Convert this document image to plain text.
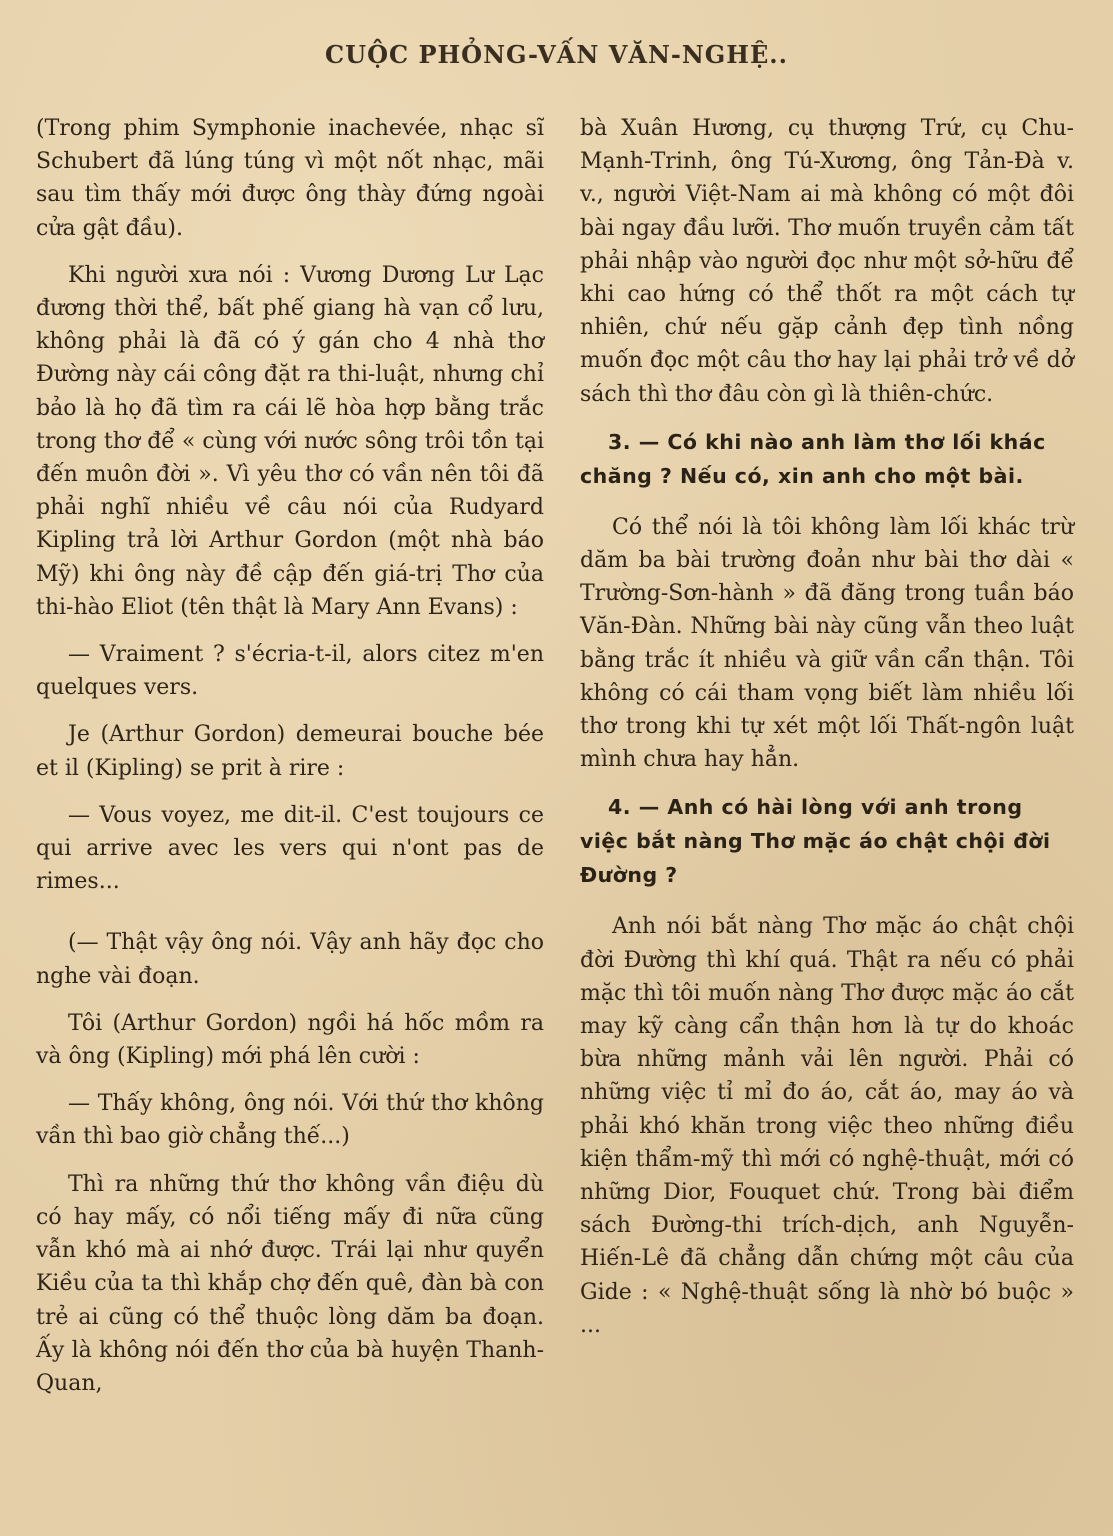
CUỘC PHỎNG-VẤN VĂN-NGHỆ..

(Trong phim Symphonie inachevée, nhạc sĩ Schubert đã lúng túng vì một nốt nhạc, mãi sau tìm thấy mới được ông thày đứng ngoài cửa gật đầu).

Khi người xưa nói : Vương Dương Lư Lạc đương thời thể, bất phế giang hà vạn cổ lưu, không phải là đã có ý gán cho 4 nhà thơ Đường này cái công đặt ra thi-luật, nhưng chỉ bảo là họ đã tìm ra cái lẽ hòa hợp bằng trắc trong thơ để « cùng với nước sông trôi tồn tại đến muôn đời ». Vì yêu thơ có vần nên tôi đã phải nghĩ nhiều về câu nói của Rudyard Kipling trả lời Arthur Gordon (một nhà báo Mỹ) khi ông này đề cập đến giá-trị Thơ của thi-hào Eliot (tên thật là Mary Ann Evans) :

— Vraiment ? s'écria-t-il, alors citez m'en quelques vers.

Je (Arthur Gordon) demeurai bouche bée et il (Kipling) se prit à rire :

— Vous voyez, me dit-il. C'est toujours ce qui arrive avec les vers qui n'ont pas de rimes...

(— Thật vậy ông nói. Vậy anh hãy đọc cho nghe vài đoạn.

Tôi (Arthur Gordon) ngồi há hốc mồm ra và ông (Kipling) mới phá lên cười :

— Thấy không, ông nói. Với thứ thơ không vần thì bao giờ chẳng thế...)

Thì ra những thứ thơ không vần điệu dù có hay mấy, có nổi tiếng mấy đi nữa cũng vẫn khó mà ai nhớ được. Trái lại như quyển Kiều của ta thì khắp chợ đến quê, đàn bà con trẻ ai cũng có thể thuộc lòng dăm ba đoạn. Ấy là không nói đến thơ của bà huyện Thanh-Quan,

bà Xuân Hương, cụ thượng Trứ, cụ Chu-Mạnh-Trinh, ông Tú-Xương, ông Tản-Đà v. v., người Việt-Nam ai mà không có một đôi bài ngay đầu lưỡi. Thơ muốn truyền cảm tất phải nhập vào người đọc như một sở-hữu để khi cao hứng có thể thốt ra một cách tự nhiên, chứ nếu gặp cảnh đẹp tình nồng muốn đọc một câu thơ hay lại phải trở về dở sách thì thơ đâu còn gì là thiên-chức.

3. — Có khi nào anh làm thơ lối khác chăng ? Nếu có, xin anh cho một bài.

Có thể nói là tôi không làm lối khác trừ dăm ba bài trường đoản như bài thơ dài « Trường-Sơn-hành » đã đăng trong tuần báo Văn-Đàn. Những bài này cũng vẫn theo luật bằng trắc ít nhiều và giữ vần cẩn thận. Tôi không có cái tham vọng biết làm nhiều lối thơ trong khi tự xét một lối Thất-ngôn luật mình chưa hay hẳn.

4. — Anh có hài lòng với anh trong việc bắt nàng Thơ mặc áo chật chội đời Đường ?

Anh nói bắt nàng Thơ mặc áo chật chội đời Đường thì khí quá. Thật ra nếu có phải mặc thì tôi muốn nàng Thơ được mặc áo cắt may kỹ càng cẩn thận hơn là tự do khoác bừa những mảnh vải lên người. Phải có những việc tỉ mỉ đo áo, cắt áo, may áo và phải khó khăn trong việc theo những điều kiện thẩm-mỹ thì mới có nghệ-thuật, mới có những Dior, Fouquet chứ. Trong bài điểm sách Đường-thi trích-dịch, anh Nguyễn-Hiến-Lê đã chẳng dẫn chứng một câu của Gide : « Nghệ-thuật sống là nhờ bó buộc » ...
